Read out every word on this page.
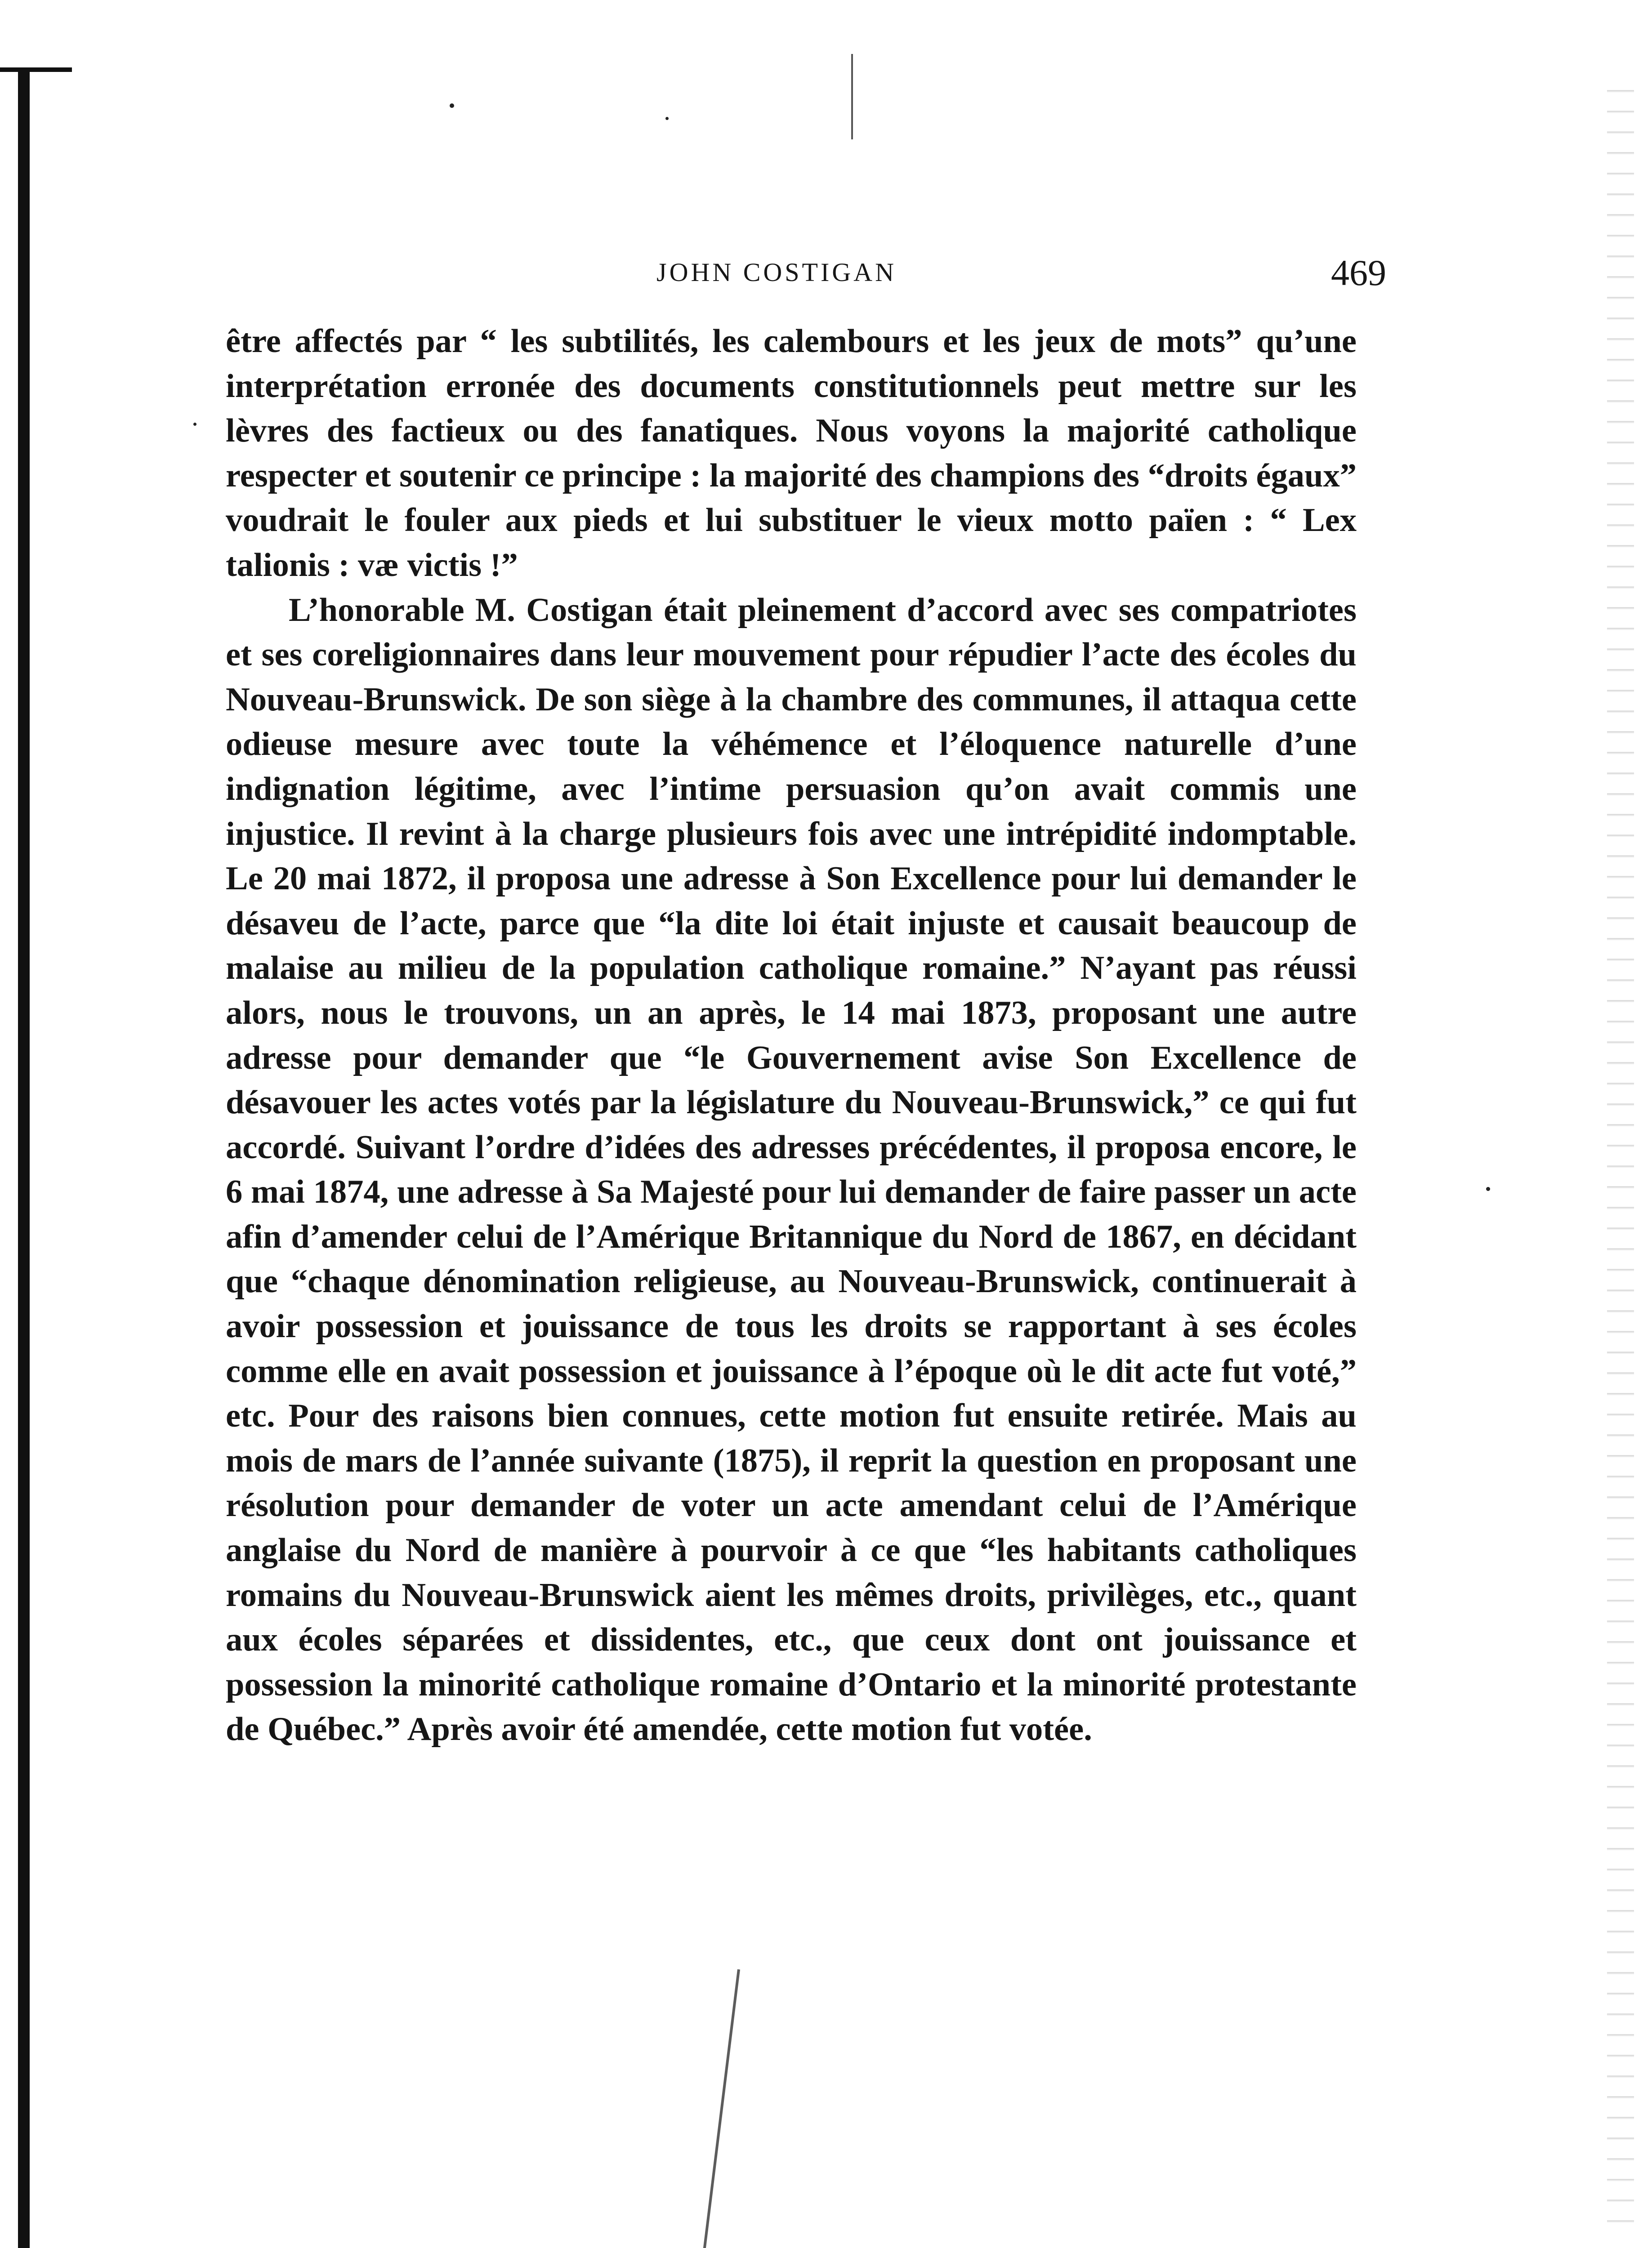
JOHN COSTIGAN	469

être affectés par “ les subtilités, les calembours et les jeux de mots” qu’une interprétation erronée des documents constitutionnels peut mettre sur les lèvres des factieux ou des fanatiques. Nous voyons la majorité catholique respecter et soutenir ce principe : la majorité des champions des “droits égaux” voudrait le fouler aux pieds et lui substituer le vieux motto païen : “ Lex talionis : væ victis !”

L’honorable M. Costigan était pleinement d’accord avec ses compatriotes et ses coreligionnaires dans leur mouvement pour répudier l’acte des écoles du Nouveau-Brunswick. De son siège à la chambre des communes, il attaqua cette odieuse mesure avec toute la véhémence et l’éloquence naturelle d’une indignation légitime, avec l’intime persuasion qu’on avait commis une injustice. Il revint à la charge plusieurs fois avec une intrépidité indomptable. Le 20 mai 1872, il proposa une adresse à Son Excellence pour lui demander le désaveu de l’acte, parce que “la dite loi était injuste et causait beaucoup de malaise au milieu de la population catholique romaine.” N’ayant pas réussi alors, nous le trouvons, un an après, le 14 mai 1873, proposant une autre adresse pour demander que “le Gouvernement avise Son Excellence de désavouer les actes votés par la législature du Nouveau-Brunswick,” ce qui fut accordé. Suivant l’ordre d’idées des adresses précédentes, il proposa encore, le 6 mai 1874, une adresse à Sa Majesté pour lui demander de faire passer un acte afin d’amender celui de l’Amérique Britannique du Nord de 1867, en décidant que “chaque dénomination religieuse, au Nouveau-Brunswick, continuerait à avoir possession et jouissance de tous les droits se rapportant à ses écoles comme elle en avait possession et jouissance à l’époque où le dit acte fut voté,” etc. Pour des raisons bien connues, cette motion fut ensuite retirée. Mais au mois de mars de l’année suivante (1875), il reprit la question en proposant une résolution pour demander de voter un acte amendant celui de l’Amérique anglaise du Nord de manière à pourvoir à ce que “les habitants catholiques romains du Nouveau-Brunswick aient les mêmes droits, privilèges, etc., quant aux écoles séparées et dissidentes, etc., que ceux dont ont jouissance et possession la minorité catholique romaine d’Ontario et la minorité protestante de Québec.” Après avoir été amendée, cette motion fut votée.
